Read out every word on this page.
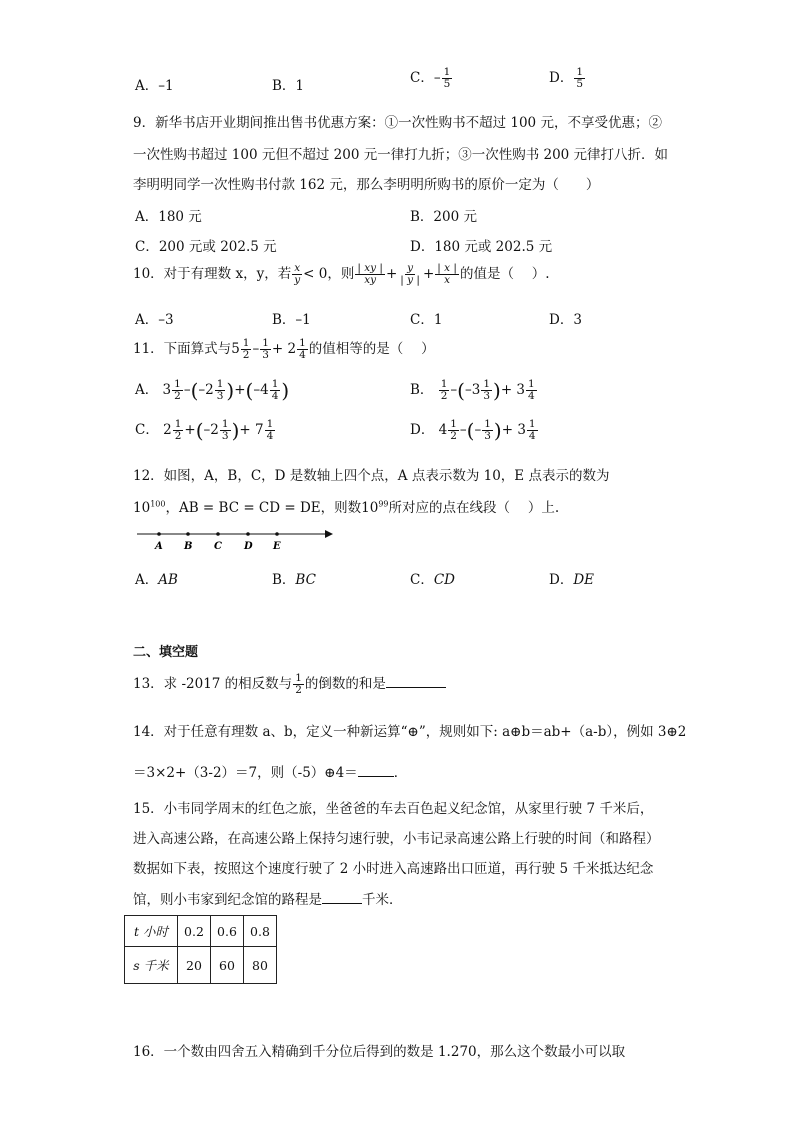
A．–1	B．1	C．– $\frac{1}{5}$	D． $\frac{1}{5}$
9．新华书店开业期间推出售书优惠方案：①一次性购书不超过 100 元，不享受优惠；②
一次性购书超过 100 元但不超过 200 元一律打九折；③一次性购书 200 元律打八折．如
李明明同学一次性购书付款 162 元，那么李明明所购书的原价一定为（　　）
A．180 元	B．200 元
C．200 元或 202.5 元	D．180 元或 202.5 元
10．对于有理数 x，y，若 $\frac{x}{y} < 0$，则 $\frac{| xy |}{xy} + \frac{y}{| y |} + \frac{| x |}{x}$ 的值是（　 ）.
A．–3	B．–1	C．1	D．3
11．下面算式与$5 \frac{1}{2} - \frac{1}{3} + 2 \frac{1}{4}$ 的值相等的是（　 ）
A． $3 \frac{1}{2} -(-2 \frac{1}{3} )+(-4 \frac{1}{4}$ )	B． $\frac{1}{2} -(-3 \frac{1}{3}$ )+ $3 \frac{1}{4}$
C． $2 \frac{1}{2} +(-2 \frac{1}{3}$ )+ $7 \frac{1}{4}$	D． $4 \frac{1}{2}$ –(– $\frac{1}{3}$ )+ $3 \frac{1}{4}$
12．如图，A，B，C，D 是数轴上四个点，A 点表示数为 10，E 点表示的数为
$10^{100}$，AB = BC = CD = DE，则数$10^{99}$所对应的点在线段（　 ）上.
A B C D E
A．AB	B．BC	C．CD	D．DE
二、填空题
13．求 -2017 的相反数与 $\frac{1}{2}$ 的倒数的和是
14．对于任意有理数 a、b，定义一种新运算“⊕”，规则如下: a⊕b＝ab+（a-b），例如 3⊕2
＝3×2+（3-2）＝7，则（-5）⊕4＝	．
15．小韦同学周末的红色之旅，坐爸爸的车去百色起义纪念馆，从家里行驶 7 千米后，
进入高速公路，在高速公路上保持匀速行驶，小韦记录高速公路上行驶的时间（和路程）
数据如下表，按照这个速度行驶了 2 小时进入高速路出口匝道，再行驶 5 千米抵达纪念
馆，则小韦家到纪念馆的路程是	千米．
t 小时	0.2	0.6	0.8
s 千米	20	60	80
16．一个数由四舍五入精确到千分位后得到的数是 1.270，那么这个数最小可以取
